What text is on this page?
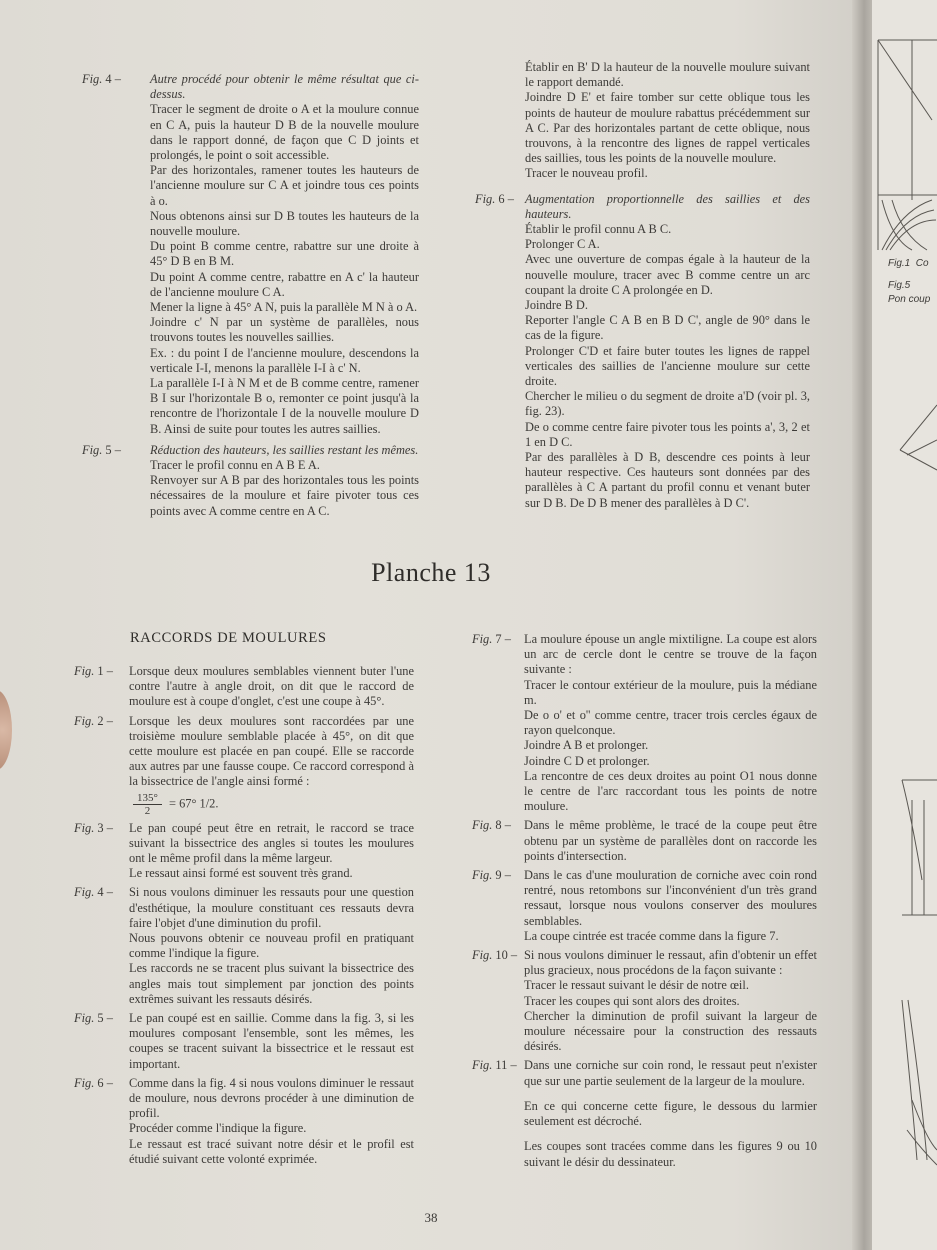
Fig. 4 –	Autre procédé pour obtenir le même résultat que ci-dessus.

Tracer le segment de droite o A et la moulure connue en C A, puis la hauteur D B de la nouvelle moulure dans le rapport donné, de façon que C D joints et prolongés, le point o soit accessible.

Par des horizontales, ramener toutes les hauteurs de l'ancienne moulure sur C A et joindre tous ces points à o.

Nous obtenons ainsi sur D B toutes les hauteurs de la nouvelle moulure.

Du point B comme centre, rabattre sur une droite à 45° D B en B M.

Du point A comme centre, rabattre en A c' la hauteur de l'ancienne moulure C A.

Mener la ligne à 45° A N, puis la parallèle M N à o A.

Joindre c' N par un système de parallèles, nous trouvons toutes les nouvelles saillies.

Ex. : du point I de l'ancienne moulure, descendons la verticale I-I, menons la parallèle I-I à c' N.

La parallèle I-I à N M et de B comme centre, ramener B I sur l'horizontale B o, remonter ce point jusqu'à la rencontre de l'horizontale I de la nouvelle moulure D B. Ainsi de suite pour toutes les autres saillies.

Fig. 5 –	Réduction des hauteurs, les saillies restant les mêmes.

Tracer le profil connu en A B E A.

Renvoyer sur A B par des horizontales tous les points nécessaires de la moulure et faire pivoter tous ces points avec A comme centre en A C.

Établir en B' D la hauteur de la nouvelle moulure suivant le rapport demandé.

Joindre D E' et faire tomber sur cette oblique tous les points de hauteur de moulure rabattus précédemment sur A C. Par des horizontales partant de cette oblique, nous trouvons, à la rencontre des lignes de rappel verticales des saillies, tous les points de la nouvelle moulure.

Tracer le nouveau profil.

Fig. 6 – Augmentation proportionnelle des saillies et des hauteurs.

Établir le profil connu A B C.

Prolonger C A.

Avec une ouverture de compas égale à la hauteur de la nouvelle moulure, tracer avec B comme centre un arc coupant la droite C A prolongée en D.

Joindre B D.

Reporter l'angle C A B en B D C', angle de 90° dans le cas de la figure.

Prolonger C'D et faire buter toutes les lignes de rappel verticales des saillies de l'ancienne moulure sur cette droite.

Chercher le milieu o du segment de droite a'D (voir pl. 3, fig. 23).

De o comme centre faire pivoter tous les points a', 3, 2 et 1 en D C.

Par des parallèles à D B, descendre ces points à leur hauteur respective. Ces hauteurs sont données par des parallèles à C A partant du profil connu et venant buter sur D B. De D B mener des parallèles à D C'.

Planche 13
RACCORDS DE MOULURES
Fig. 1 –	Lorsque deux moulures semblables viennent buter l'une contre l'autre à angle droit, on dit que le raccord de moulure est à coupe d'onglet, c'est une coupe à 45°.

Fig. 2 –	Lorsque les deux moulures sont raccordées par une troisième moulure semblable placée à 45°, on dit que cette moulure est placée en pan coupé. Elle se raccorde aux autres par une fausse coupe. Ce raccord correspond à la bissectrice de l'angle ainsi formé :

$\frac{135^\circ}{2} = 67^\circ$ 1/2.
Fig. 3 –	Le pan coupé peut être en retrait, le raccord se trace suivant la bissectrice des angles si toutes les moulures ont le même profil dans la même largeur.

Le ressaut ainsi formé est souvent très grand.

Fig. 4 –	Si nous voulons diminuer les ressauts pour une question d'esthétique, la moulure constituant ces ressauts devra faire l'objet d'une diminution du profil.

Nous pouvons obtenir ce nouveau profil en pratiquant comme l'indique la figure.

Les raccords ne se tracent plus suivant la bissectrice des angles mais tout simplement par jonction des points extrêmes suivant les ressauts désirés.

Fig. 5 –	Le pan coupé est en saillie. Comme dans la fig. 3, si les moulures composant l'ensemble, sont les mêmes, les coupes se tracent suivant la bissectrice et le ressaut est important.

Fig. 6 –	Comme dans la fig. 4 si nous voulons diminuer le ressaut de moulure, nous devrons procéder à une diminution de profil.

Procéder comme l'indique la figure.

Le ressaut est tracé suivant notre désir et le profil est étudié suivant cette volonté exprimée.

Fig. 7 –	La moulure épouse un angle mixtiligne. La coupe est alors un arc de cercle dont le centre se trouve de la façon suivante :

Tracer le contour extérieur de la moulure, puis la médiane m.

De o o' et o'' comme centre, tracer trois cercles égaux de rayon quelconque.

Joindre A B et prolonger.

Joindre C D et prolonger.

La rencontre de ces deux droites au point O1 nous donne le centre de l'arc raccordant tous les points de notre moulure.

Fig. 8 –	Dans le même problème, le tracé de la coupe peut être obtenu par un système de parallèles dont on raccorde les points d'intersection.

Fig. 9 –	Dans le cas d'une mouluration de corniche avec coin rond rentré, nous retombons sur l'inconvénient d'un très grand ressaut, lorsque nous voulons conserver des moulures semblables.

La coupe cintrée est tracée comme dans la figure 7.

Fig. 10 – Si nous voulons diminuer le ressaut, afin d'obtenir un effet plus gracieux, nous procédons de la façon suivante :

Tracer le ressaut suivant le désir de notre œil.

Tracer les coupes qui sont alors des droites.

Chercher la diminution de profil suivant la largeur de moulure nécessaire pour la construction des ressauts désirés.

Fig. 11 – Dans une corniche sur coin rond, le ressaut peut n'exister que sur une partie seulement de la largeur de la moulure.

En ce qui concerne cette figure, le dessous du larmier seulement est décroché.

Les coupes sont tracées comme dans les figures 9 ou 10 suivant le désir du dessinateur.

38
Fig.1 Co
Fig.5
Pon coup
